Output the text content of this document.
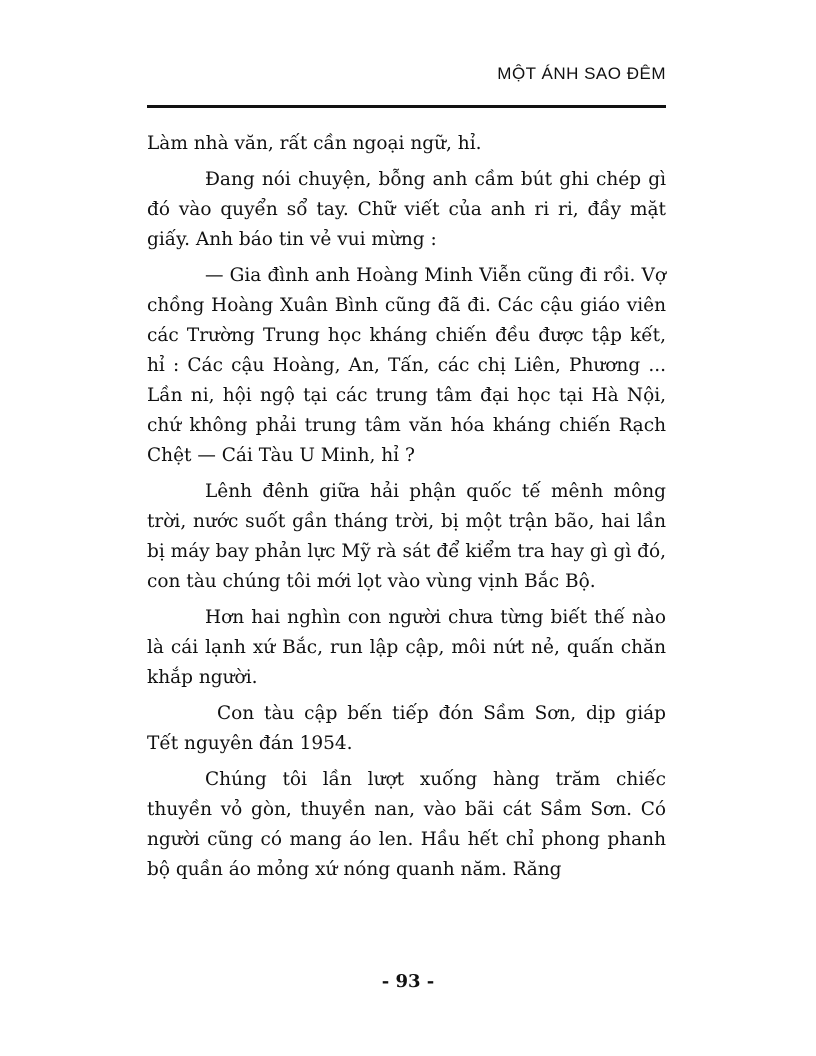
MỘT ÁNH SAO ĐÊM

Làm nhà văn, rất cần ngoại ngữ, hỉ.

Đang nói chuyện, bỗng anh cầm bút ghi chép gì đó vào quyển sổ tay. Chữ viết của anh ri ri, đầy mặt giấy. Anh báo tin vẻ vui mừng :

— Gia đình anh Hoàng Minh Viễn cũng đi rồi. Vợ chồng Hoàng Xuân Bình cũng đã đi. Các cậu giáo viên các Trường Trung học kháng chiến đều được tập kết, hỉ : Các cậu Hoàng, An, Tấn, các chị Liên, Phương ... Lần ni, hội ngộ tại các trung tâm đại học tại Hà Nội, chứ không phải trung tâm văn hóa kháng chiến Rạch Chệt — Cái Tàu U Minh, hỉ ?

Lênh đênh giữa hải phận quốc tế mênh mông trời, nước suốt gần tháng trời, bị một trận bão, hai lần bị máy bay phản lực Mỹ rà sát để kiểm tra hay gì gì đó, con tàu chúng tôi mới lọt vào vùng vịnh Bắc Bộ.

Hơn hai nghìn con người chưa từng biết thế nào là cái lạnh xứ Bắc, run lập cập, môi nứt nẻ, quấn chăn khắp người.

Con tàu cập bến tiếp đón Sầm Sơn, dịp giáp Tết nguyên đán 1954.

Chúng tôi lần lượt xuống hàng trăm chiếc thuyền vỏ gòn, thuyền nan, vào bãi cát Sầm Sơn. Có người cũng có mang áo len. Hầu hết chỉ phong phanh bộ quần áo mỏng xứ nóng quanh năm. Răng

- 93 -
